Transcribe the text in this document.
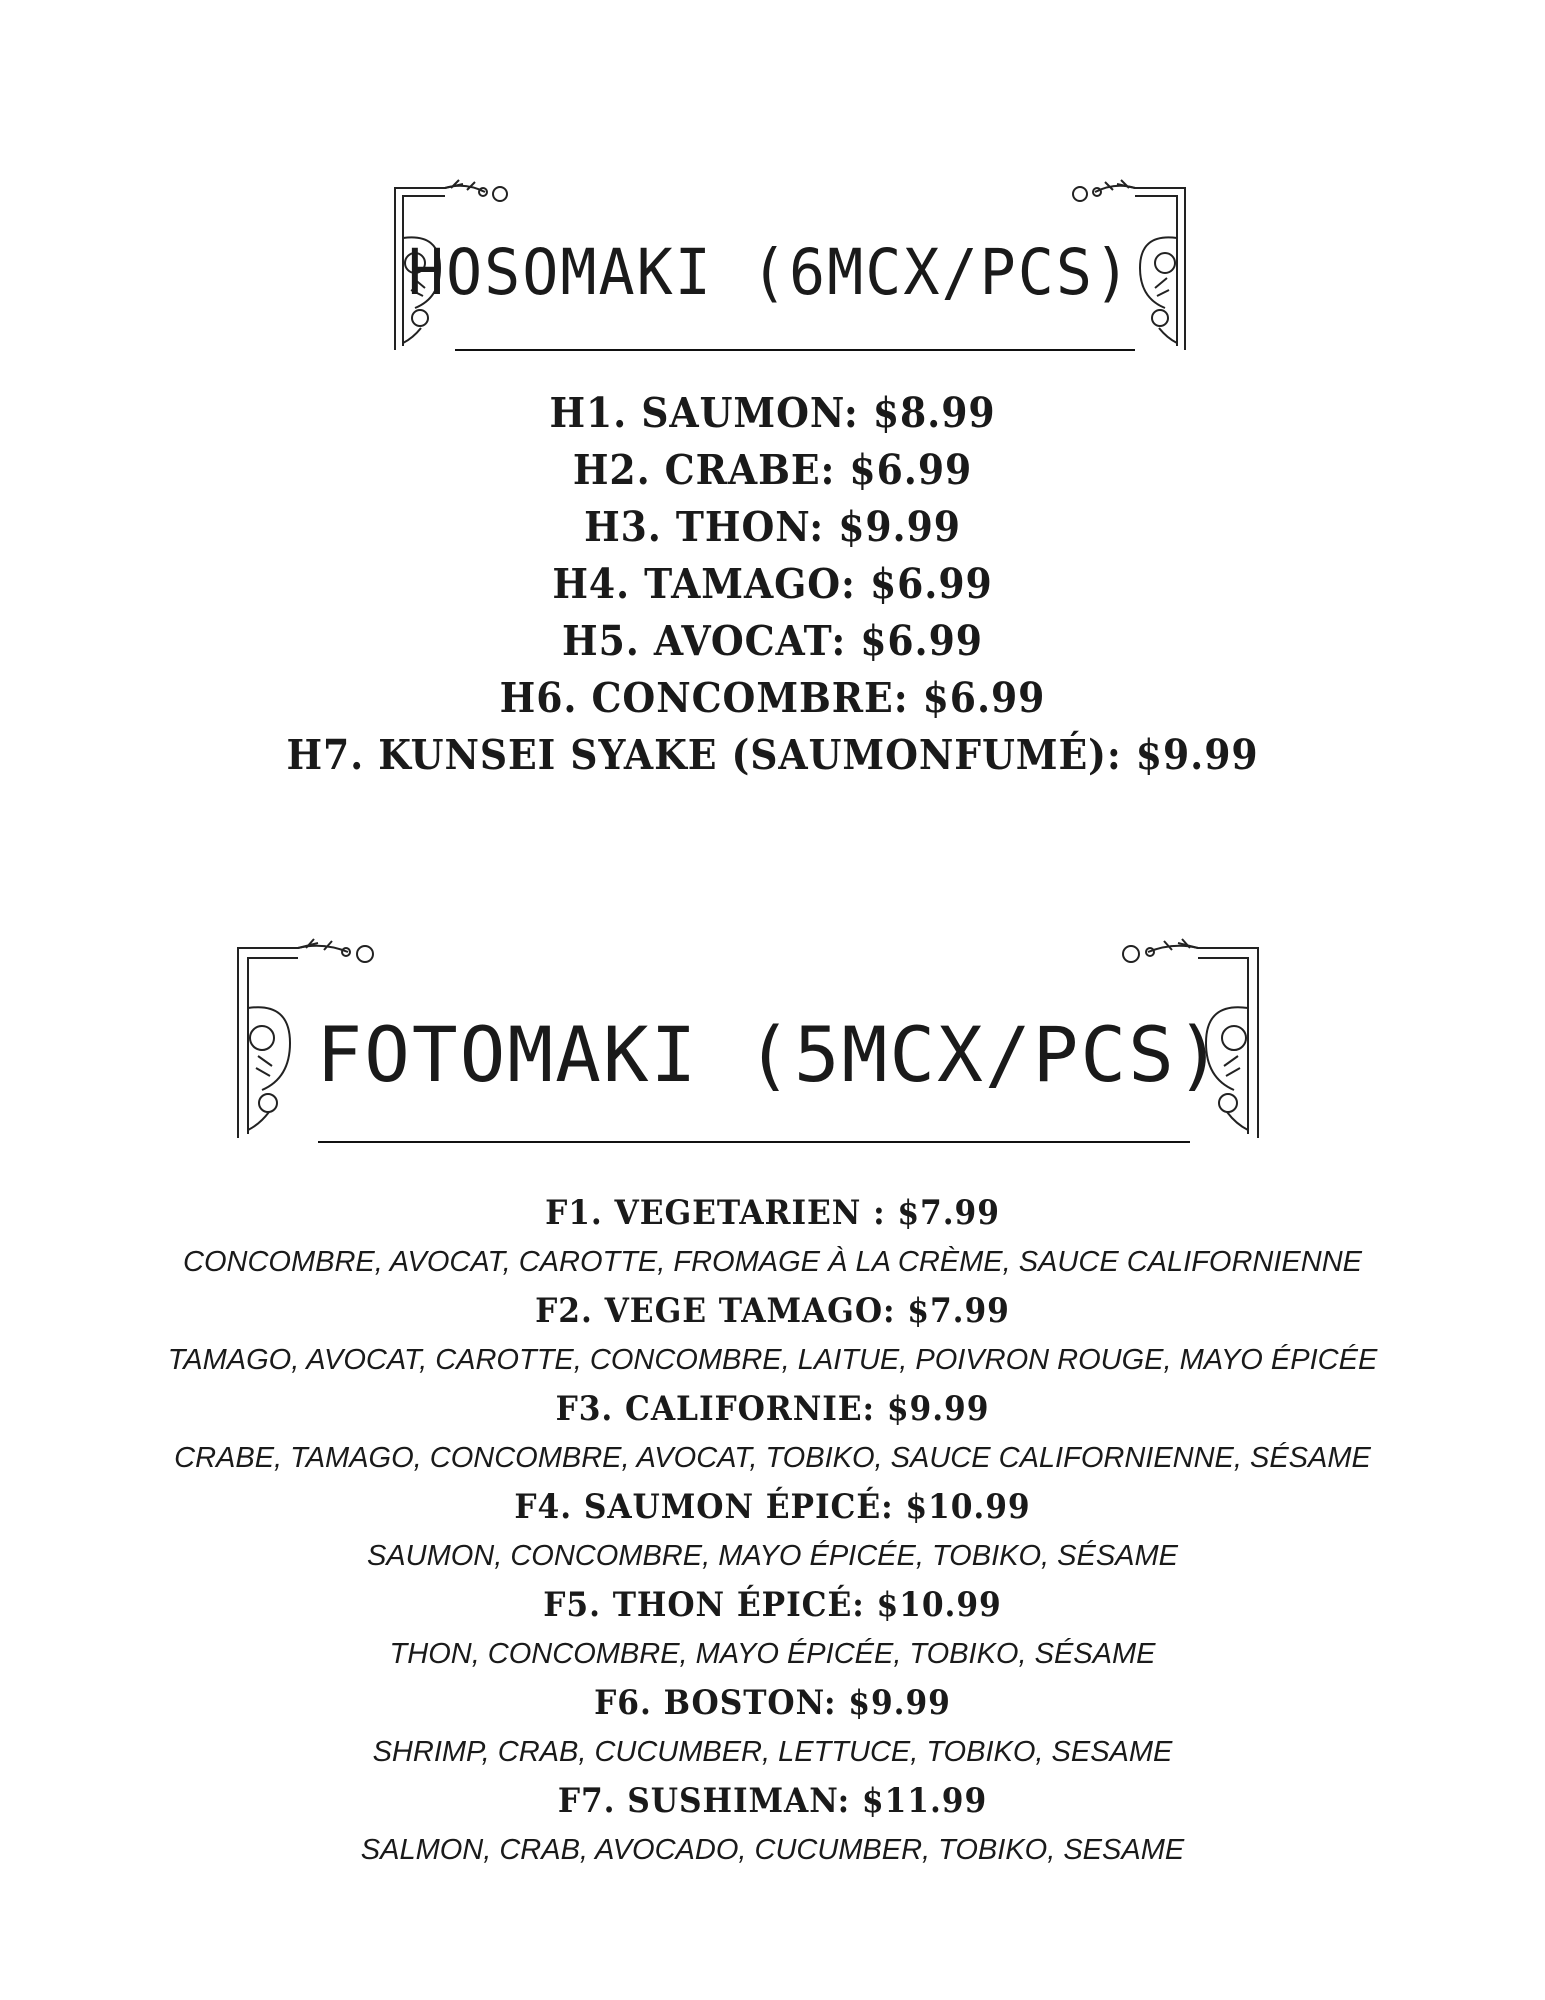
HOSOMAKI (6MCX/PCS)
H1. SAUMON: $8.99
H2. CRABE: $6.99
H3. THON: $9.99
H4. TAMAGO: $6.99
H5. AVOCAT: $6.99
H6. CONCOMBRE: $6.99
H7. KUNSEI SYAKE (SAUMONFUMÉ): $9.99
FOTOMAKI (5MCX/PCS)
F1. VEGETARIEN : $7.99
CONCOMBRE, AVOCAT, CAROTTE, FROMAGE À LA CRÈME, SAUCE CALIFORNIENNE
F2. VEGE TAMAGO: $7.99
TAMAGO, AVOCAT, CAROTTE, CONCOMBRE, LAITUE, POIVRON ROUGE, MAYO ÉPICÉE
F3. CALIFORNIE: $9.99
CRABE, TAMAGO, CONCOMBRE, AVOCAT, TOBIKO, SAUCE CALIFORNIENNE, SÉSAME
F4. SAUMON ÉPICÉ: $10.99
SAUMON, CONCOMBRE, MAYO ÉPICÉE, TOBIKO, SÉSAME
F5. THON ÉPICÉ: $10.99
THON, CONCOMBRE, MAYO ÉPICÉE, TOBIKO, SÉSAME
F6. BOSTON: $9.99
SHRIMP, CRAB, CUCUMBER, LETTUCE, TOBIKO, SESAME
F7. SUSHIMAN: $11.99
SALMON, CRAB, AVOCADO, CUCUMBER, TOBIKO, SESAME
